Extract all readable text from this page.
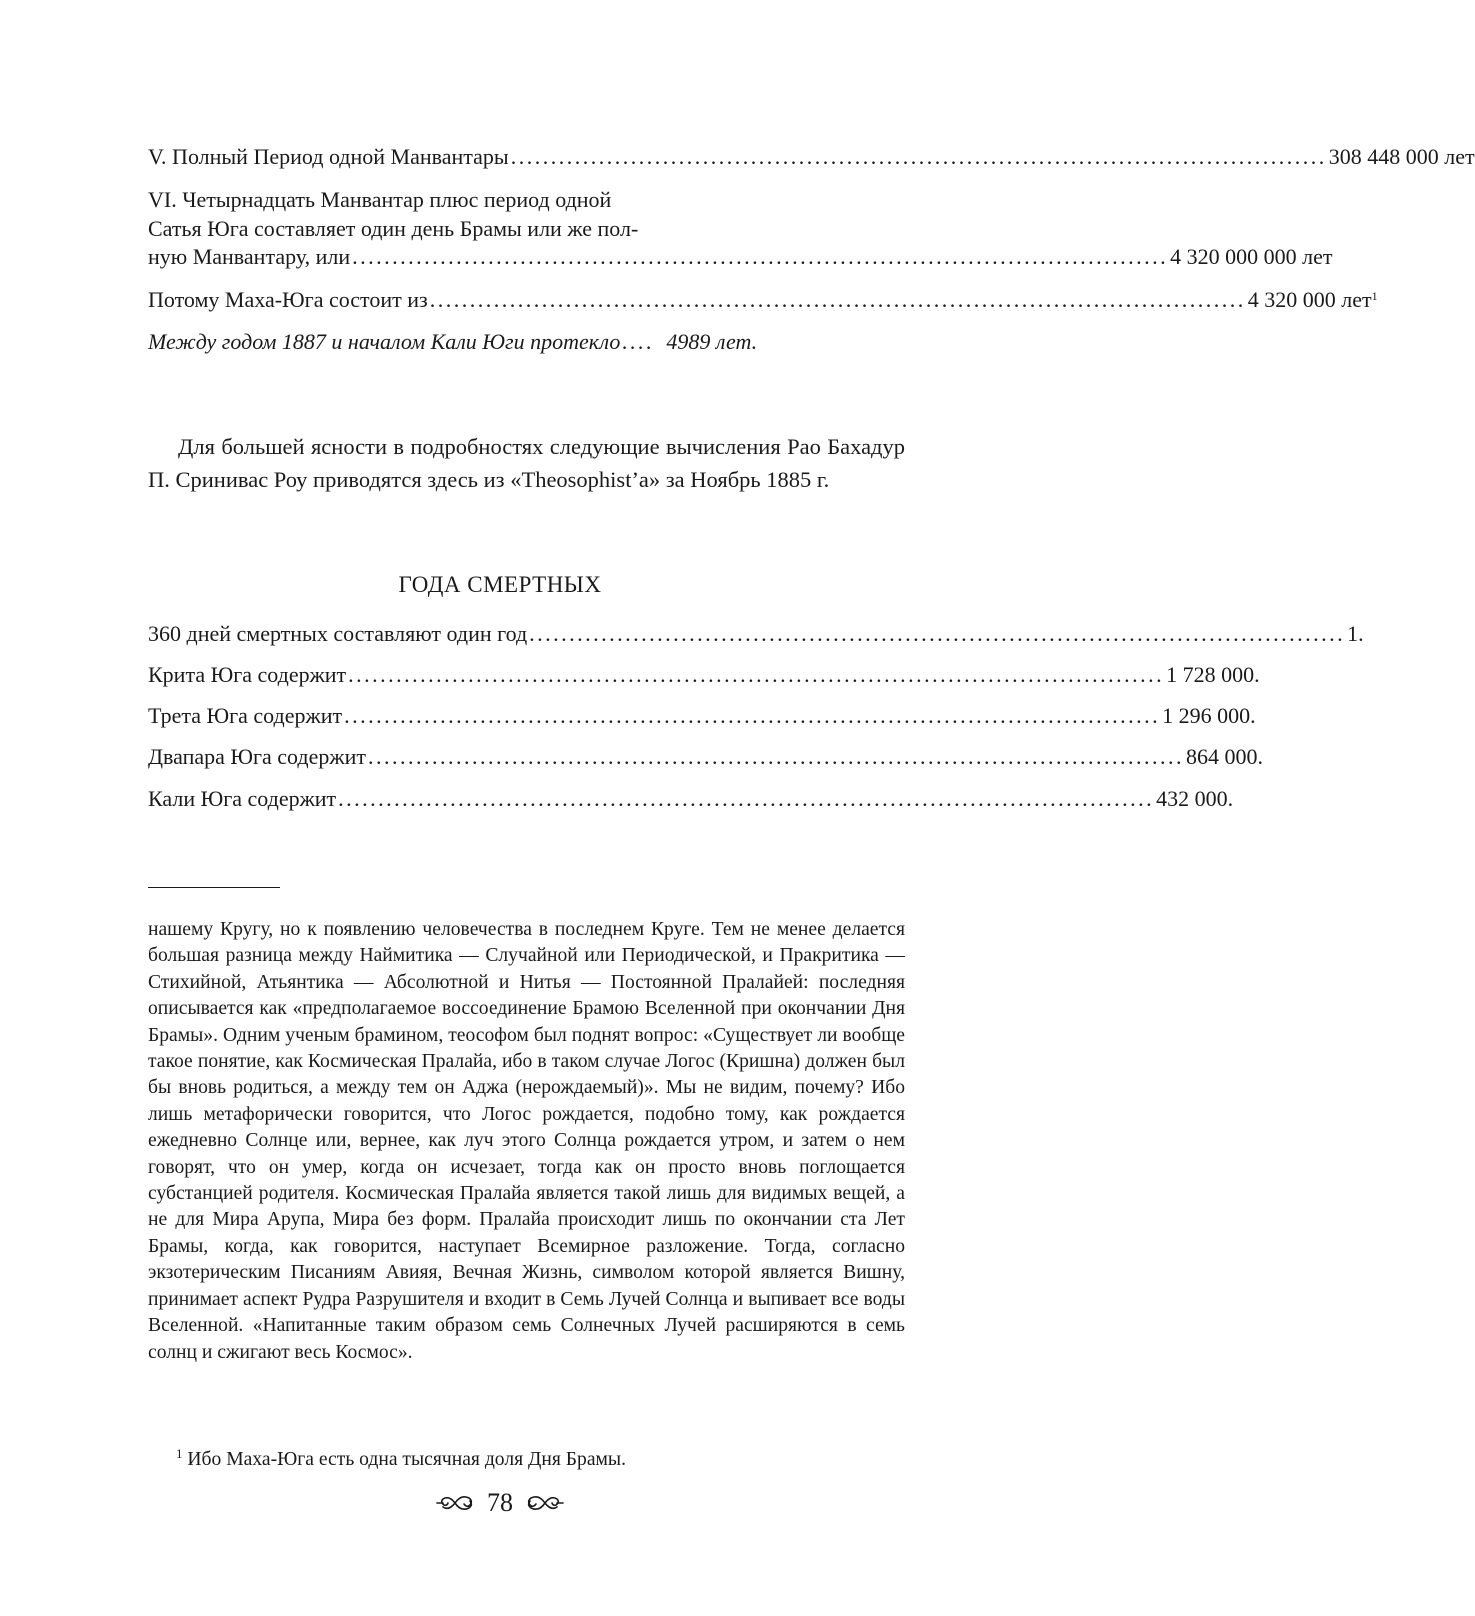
V. Полный Период одной Манвантары ...................................................................................................... 308 448 000 лет
VI. Четырнадцать Манвантар плюс период одной
Сатья Юга составляет один день Брамы или же пол-
ную Манвантару, или ...................................................................................................... 4 320 000 000 лет
Потому Маха-Юга состоит из ...................................................................................................... 4 320 000 лет$^1$
Между годом 1887 и началом Кали Юги протекло .... 4989 лет.
Для большей ясности в подробностях следующие вычисления Рао Бахадур П. Сринивас Роу приводятся здесь из «Theosophist’a» за Ноябрь 1885 г.
ГОДА СМЕРТНЫХ
360 дней смертных составляют один год ...................................................................................................... 1.
Крита Юга содержит ...................................................................................................... 1 728 000.
Трета Юга содержит ...................................................................................................... 1 296 000.
Двапара Юга содержит ...................................................................................................... 864 000.
Кали Юга содержит ...................................................................................................... 432 000.
нашему Кругу, но к появлению человечества в последнем Круге. Тем не менее делается большая разница между Наймитика — Случайной или Периодической, и Пракритика — Стихийной, Атьянтика — Абсолютной и Нитья — Постоянной Пралайей: последняя описывается как «предполагаемое воссоединение Брамою Вселенной при окончании Дня Брамы». Одним ученым брамином, теософом был поднят вопрос: «Существует ли вообще такое понятие, как Космическая Пралайа, ибо в таком случае Логос (Кришна) должен был бы вновь родиться, а между тем он Аджа (нерождаемый)». Мы не видим, почему? Ибо лишь метафорически говорится, что Логос рождается, подобно тому, как рождается ежедневно Солнце или, вернее, как луч этого Солнца рождается утром, и затем о нем говорят, что он умер, когда он исчезает, тогда как он просто вновь поглощается субстанцией родителя. Космическая Пралайа является такой лишь для видимых вещей, а не для Мира Арупа, Мира без форм. Пралайа происходит лишь по окончании ста Лет Брамы, когда, как говорится, наступает Всемирное разложение. Тогда, согласно экзотерическим Писаниям Авияя, Вечная Жизнь, символом которой является Вишну, принимает аспект Рудра Разрушителя и входит в Семь Лучей Солнца и выпивает все воды Вселенной. «Напитанные таким образом семь Солнечных Лучей расширяются в семь солнц и сжигают весь Космос».
$^1$ Ибо Маха-Юга есть одна тысячная доля Дня Брамы.
78
